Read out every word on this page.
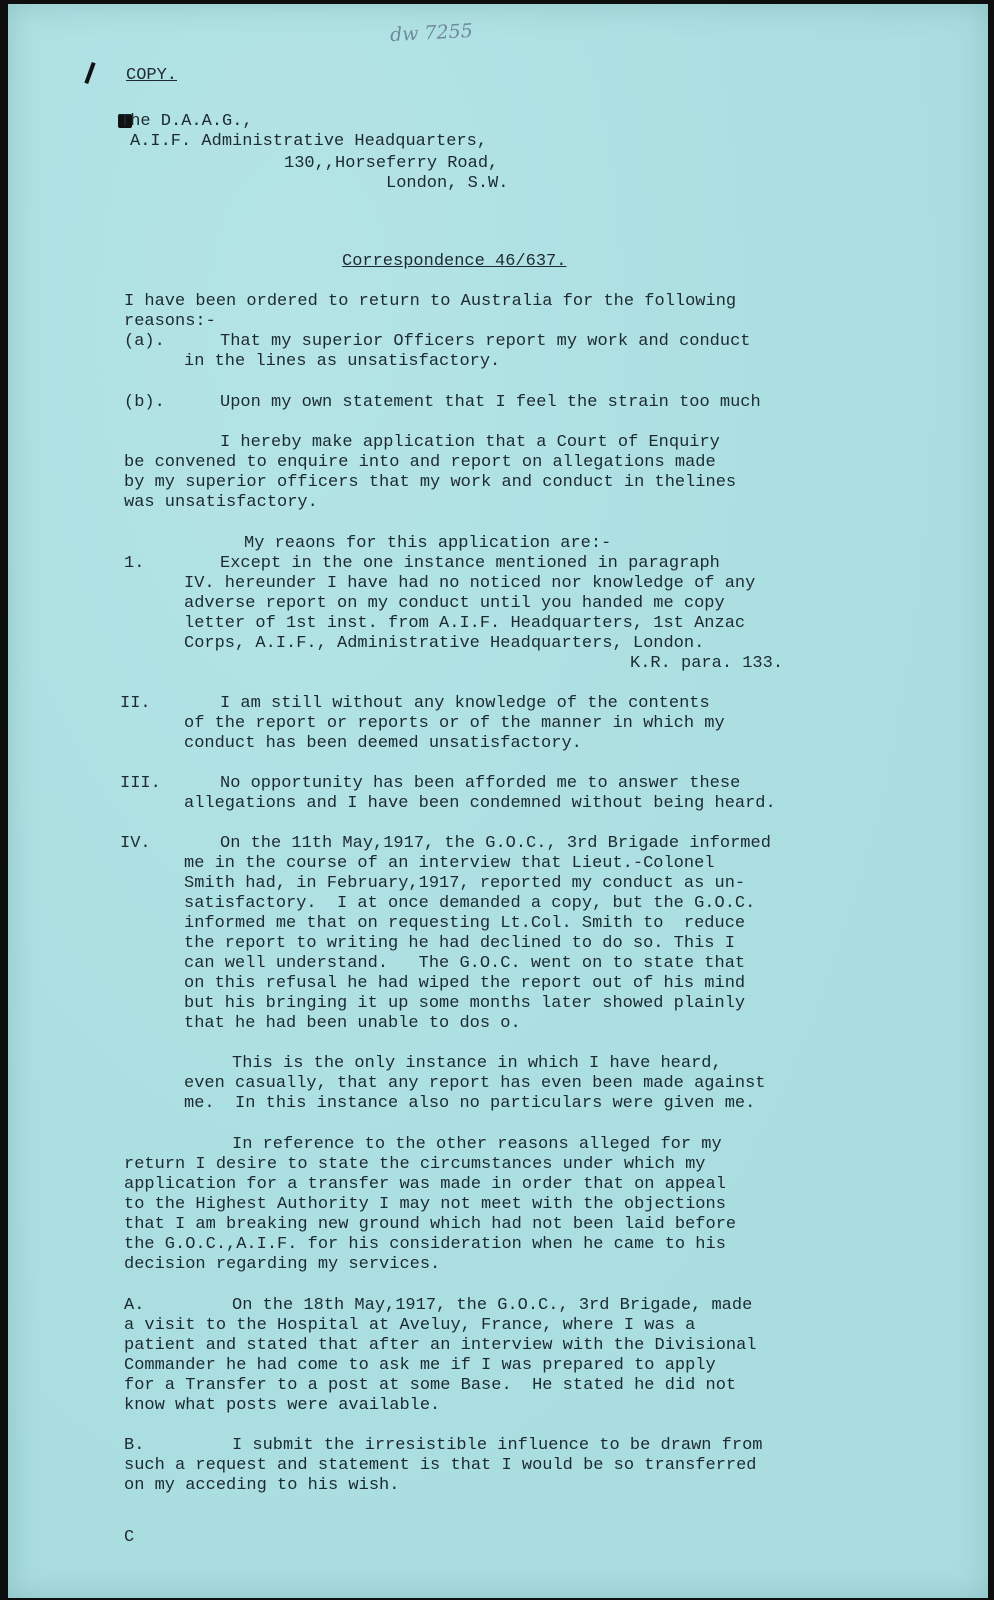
dw 7255

COPY.

The D.A.A.G.,

A.I.F. Administrative Headquarters,

130,,Horseferry Road,

London, S.W.

Correspondence 46/637.

I have been ordered to return to Australia for the following

reasons:-

(a).	That my superior Officers report my work and conduct

in the lines as unsatisfactory.

(b).	Upon my own statement that I feel the strain too much

I hereby make application that a Court of Enquiry

be convened to enquire into and report on allegations made

by my superior officers that my work and conduct in thelines

was unsatisfactory.

My reaons for this application are:-

1.	Except in the one instance mentioned in paragraph

IV. hereunder I have had no noticed nor knowledge of any

adverse report on my conduct until you handed me copy

letter of 1st inst. from A.I.F. Headquarters, 1st Anzac

Corps, A.I.F., Administrative Headquarters, London.

K.R. para. 133.

II.	I am still without any knowledge of the contents

of the report or reports or of the manner in which my

conduct has been deemed unsatisfactory.

III.	No opportunity has been afforded me to answer these

allegations and I have been condemned without being heard.

IV.	On the 11th May,1917, the G.O.C., 3rd Brigade informed

me in the course of an interview that Lieut.-Colonel

Smith had, in February,1917, reported my conduct as un-

satisfactory.  I at once demanded a copy, but the G.O.C.

informed me that on requesting Lt.Col. Smith to  reduce

the report to writing he had declined to do so. This I

can well understand.   The G.O.C. went on to state that

on this refusal he had wiped the report out of his mind

but his bringing it up some months later showed plainly

that he had been unable to dos o.

This is the only instance in which I have heard,

even casually, that any report has even been made against

me.  In this instance also no particulars were given me.

In reference to the other reasons alleged for my

return I desire to state the circumstances under which my

application for a transfer was made in order that on appeal

to the Highest Authority I may not meet with the objections

that I am breaking new ground which had not been laid before

the G.O.C.,A.I.F. for his consideration when he came to his

decision regarding my services.

A.	On the 18th May,1917, the G.O.C., 3rd Brigade, made

a visit to the Hospital at Aveluy, France, where I was a

patient and stated that after an interview with the Divisional

Commander he had come to ask me if I was prepared to apply

for a Transfer to a post at some Base.  He stated he did not

know what posts were available.

B.	I submit the irresistible influence to be drawn from

such a request and statement is that I would be so transferred

on my acceding to his wish.

C
